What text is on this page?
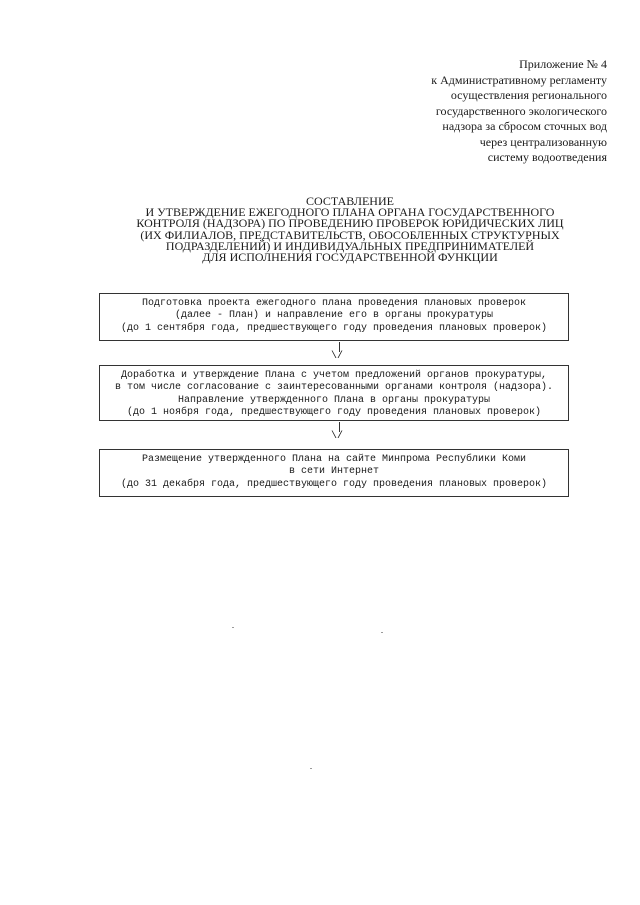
Приложение № 4
к Административному регламенту
осуществления регионального
государственного экологического
надзора за сбросом сточных вод
через централизованную
систему водоотведения
СОСТАВЛЕНИЕ
И УТВЕРЖДЕНИЕ ЕЖЕГОДНОГО ПЛАНА ОРГАНА ГОСУДАРСТВЕННОГО
КОНТРОЛЯ (НАДЗОРА) ПО ПРОВЕДЕНИЮ ПРОВЕРОК ЮРИДИЧЕСКИХ ЛИЦ
(ИХ ФИЛИАЛОВ, ПРЕДСТАВИТЕЛЬСТВ, ОБОСОБЛЕННЫХ СТРУКТУРНЫХ
ПОДРАЗДЕЛЕНИЙ) И ИНДИВИДУАЛЬНЫХ ПРЕДПРИНИМАТЕЛЕЙ
ДЛЯ ИСПОЛНЕНИЯ ГОСУДАРСТВЕННОЙ ФУНКЦИИ
Подготовка проекта ежегодного плана проведения плановых проверок
(далее - План) и направление его в органы прокуратуры
(до 1 сентября года, предшествующего году проведения плановых проверок)
\/
Доработка и утверждение Плана с учетом предложений органов прокуратуры,
в том числе согласование с заинтересованными органами контроля (надзора).
Направление утвержденного Плана в органы прокуратуры
(до 1 ноября года, предшествующего году проведения плановых проверок)
\/
Размещение утвержденного Плана на сайте Минпрома Республики Коми
в сети Интернет
(до 31 декабря года, предшествующего году проведения плановых проверок)
